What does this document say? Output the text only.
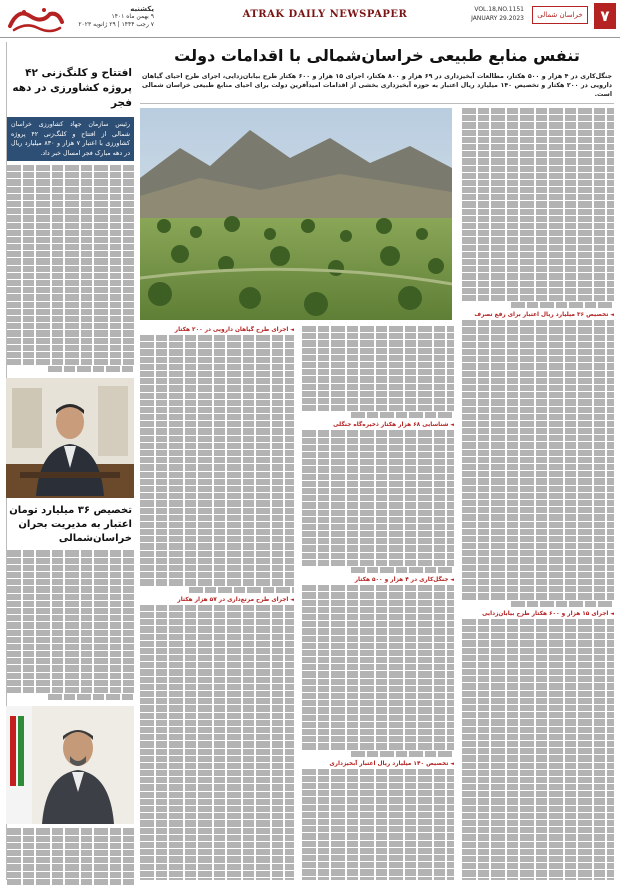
۷
خراسان شمالی
VOL.18,NO.1151
JANUARY 29.2023
ATRAK DAILY NEWSPAPER
یکشنبه
۹ بهمن ماه ۱۴۰۱
۷ رجب ۱۴۴۴ | ۲۹ ژانویه ۲۰۲۳
افتتاح و کلنگ‌زنی ۴۲ پروژه کشاورزی در دهه فجر
رئیس سازمان جهاد کشاورزی خراسان شمالی از افتتاح و کلنگ‌زنی ۴۲ پروژه کشاورزی با اعتبار ۷ هزار و ۸۳۰ میلیارد ریال در دهه مبارک فجر امسال خبر داد.
تخصیص ۳۶ میلیارد تومان اعتبار به مدیریت بحران خراسان‌شمالی
تنفس منابع طبیعی خراسان‌شمالی با اقدامات دولت
جنگل‌کاری در ۴ هزار و ۵۰۰ هکتار، مطالعات آبخیزداری در ۶۹ هزار و ۸۰۰ هکتار، اجرای ۱۵ هزار و ۶۰۰ هکتار طرح بیابان‌زدایی، اجرای طرح احیای گیاهان دارویی در ۲۰۰ هکتار و تخصیص ۱۴۰ میلیارد ریال اعتبار به حوزه آبخیزداری بخشی از اقدامات امیدآفرین دولت برای احیای منابع طبیعی خراسان شمالی است.
◄ تخصیص ۳۶ میلیارد ریال اعتبار برای رفع تصرف
◄ اجرای ۱۵ هزار و ۶۰۰ هکتار طرح بیابان‌زدایی
◄ شناسایی ۶۸ هزار هکتار ذخیره‌گاه جنگلی
◄ جنگل‌کاری در ۴ هزار و ۵۰۰ هکتار
◄ تخصیص ۱۴۰ میلیارد ریال اعتبار آبخیزداری
◄ اجرای طرح گیاهان دارویی در ۲۰۰ هکتار
◄ اجرای طرح مرتع‌داری در ۵۷ هزار هکتار
